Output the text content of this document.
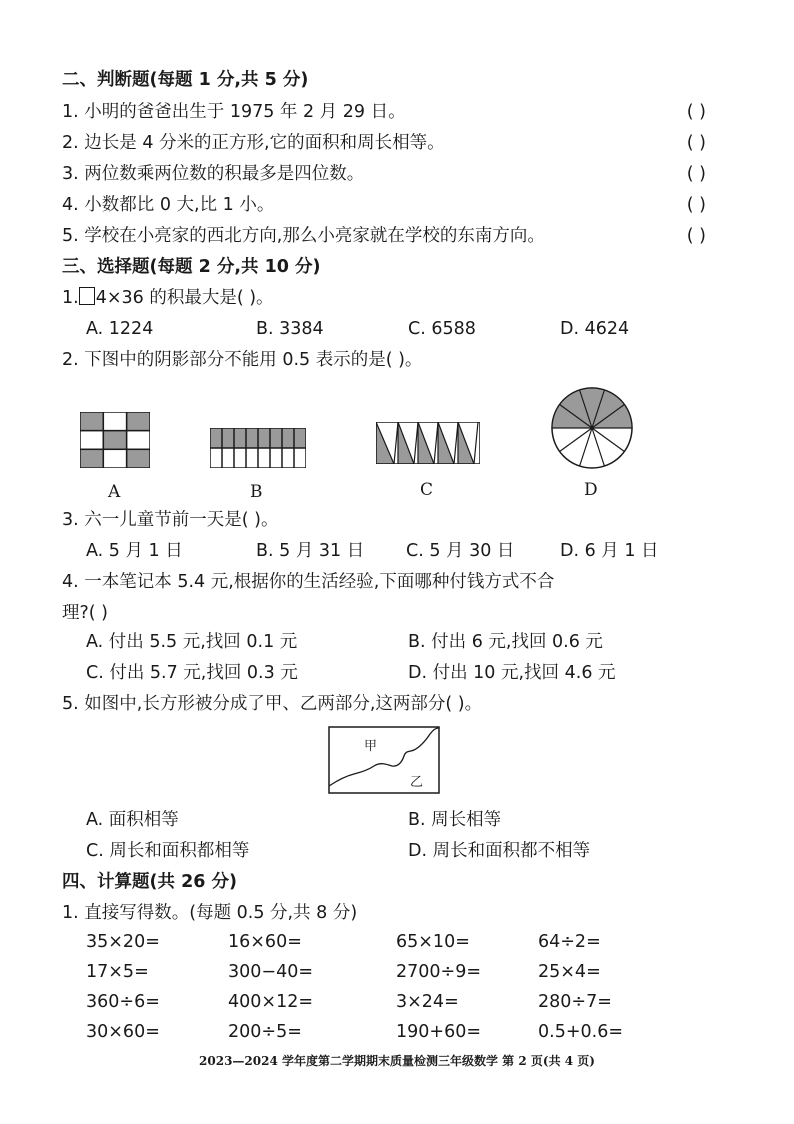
二、判断题(每题 1 分,共 5 分)
1. 小明的爸爸出生于 1975 年 2 月 29 日。	( )
2. 边长是 4 分米的正方形,它的面积和周长相等。	( )
3. 两位数乘两位数的积最多是四位数。	( )
4. 小数都比 0 大,比 1 小。	( )
5. 学校在小亮家的西北方向,那么小亮家就在学校的东南方向。	( )
三、选择题(每题 2 分,共 10 分)
1. 4×36 的积最大是( )。
A. 1224	B. 3384	C. 6588	D. 4624
2. 下图中的阴影部分不能用 0.5 表示的是( )。
A	B	C	D
3. 六一儿童节前一天是( )。
A. 5 月 1 日	B. 5 月 31 日 C. 5 月 30 日	D. 6 月 1 日
4. 一本笔记本 5.4 元,根据你的生活经验,下面哪种付钱方式不合
理?( )
A. 付出 5.5 元,找回 0.1 元	B. 付出 6 元,找回 0.6 元
C. 付出 5.7 元,找回 0.3 元	D. 付出 10 元,找回 4.6 元
5. 如图中,长方形被分成了甲、乙两部分,这两部分( )。
甲
乙
A. 面积相等	B. 周长相等
C. 周长和面积都相等	D. 周长和面积都不相等
四、计算题(共 26 分)
1. 直接写得数。(每题 0.5 分,共 8 分)
35×20=	16×60=	65×10=	64÷2=
17×5=	300−40=	2700÷9=	25×4=
360÷6=	400×12=	3×24=	280÷7=
30×60=	200÷5=	190+60=	0.5+0.6=
2023—2024 学年度第二学期期末质量检测三年级数学 第 2 页(共 4 页)
